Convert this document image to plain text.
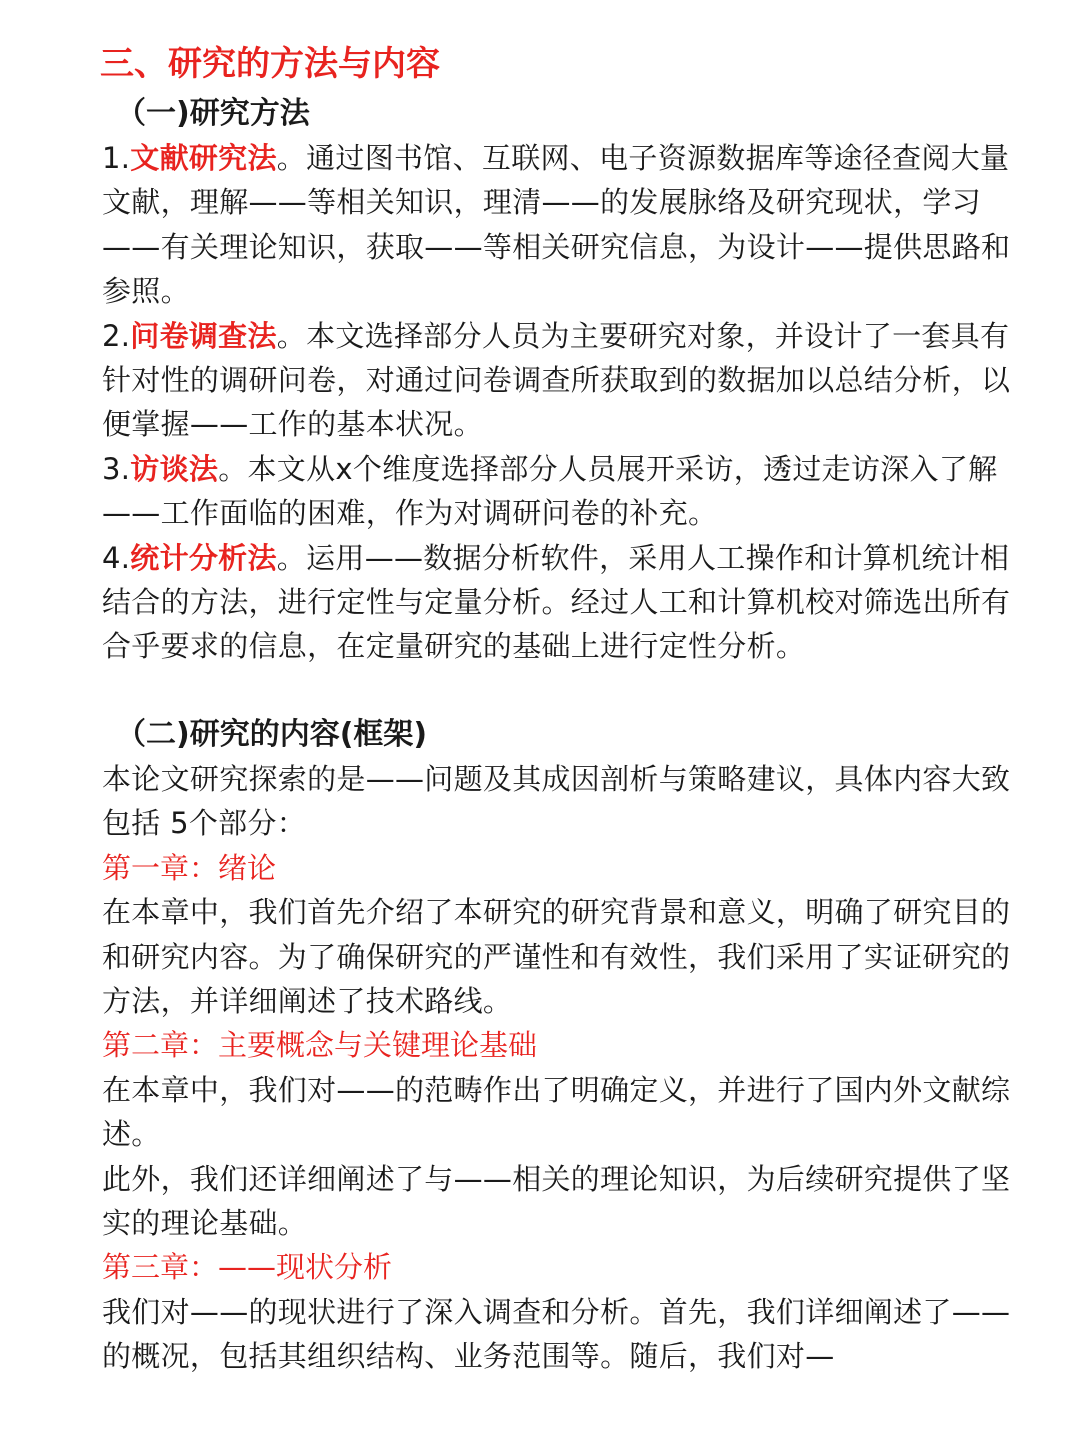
三、研究的方法与内容
（一)研究方法

1.文献研究法。通过图书馆、互联网、电子资源数据库等途径查阅大量文献，理解——等相关知识，理清——的发展脉络及研究现状，学习——有关理论知识，获取——等相关研究信息，为设计——提供思路和参照。

2.问卷调查法。本文选择部分人员为主要研究对象，并设计了一套具有针对性的调研问卷，对通过问卷调查所获取到的数据加以总结分析，以便掌握——工作的基本状况。

3.访谈法。本文从x个维度选择部分人员展开采访，透过走访深入了解——工作面临的困难，作为对调研问卷的补充。

4.统计分析法。运用——数据分析软件，采用人工操作和计算机统计相结合的方法，进行定性与定量分析。经过人工和计算机校对筛选出所有合乎要求的信息，在定量研究的基础上进行定性分析。

（二)研究的内容(框架)

本论文研究探索的是——问题及其成因剖析与策略建议，具体内容大致包括 5个部分：

第一章：绪论

在本章中，我们首先介绍了本研究的研究背景和意义，明确了研究目的和研究内容。为了确保研究的严谨性和有效性，我们采用了实证研究的方法，并详细阐述了技术路线。

第二章：主要概念与关键理论基础

在本章中，我们对——的范畴作出了明确定义，并进行了国内外文献综述。

此外，我们还详细阐述了与——相关的理论知识，为后续研究提供了坚实的理论基础。

第三章：——现状分析

我们对——的现状进行了深入调查和分析。首先，我们详细阐述了——的概况，包括其组织结构、业务范围等。随后，我们对—
